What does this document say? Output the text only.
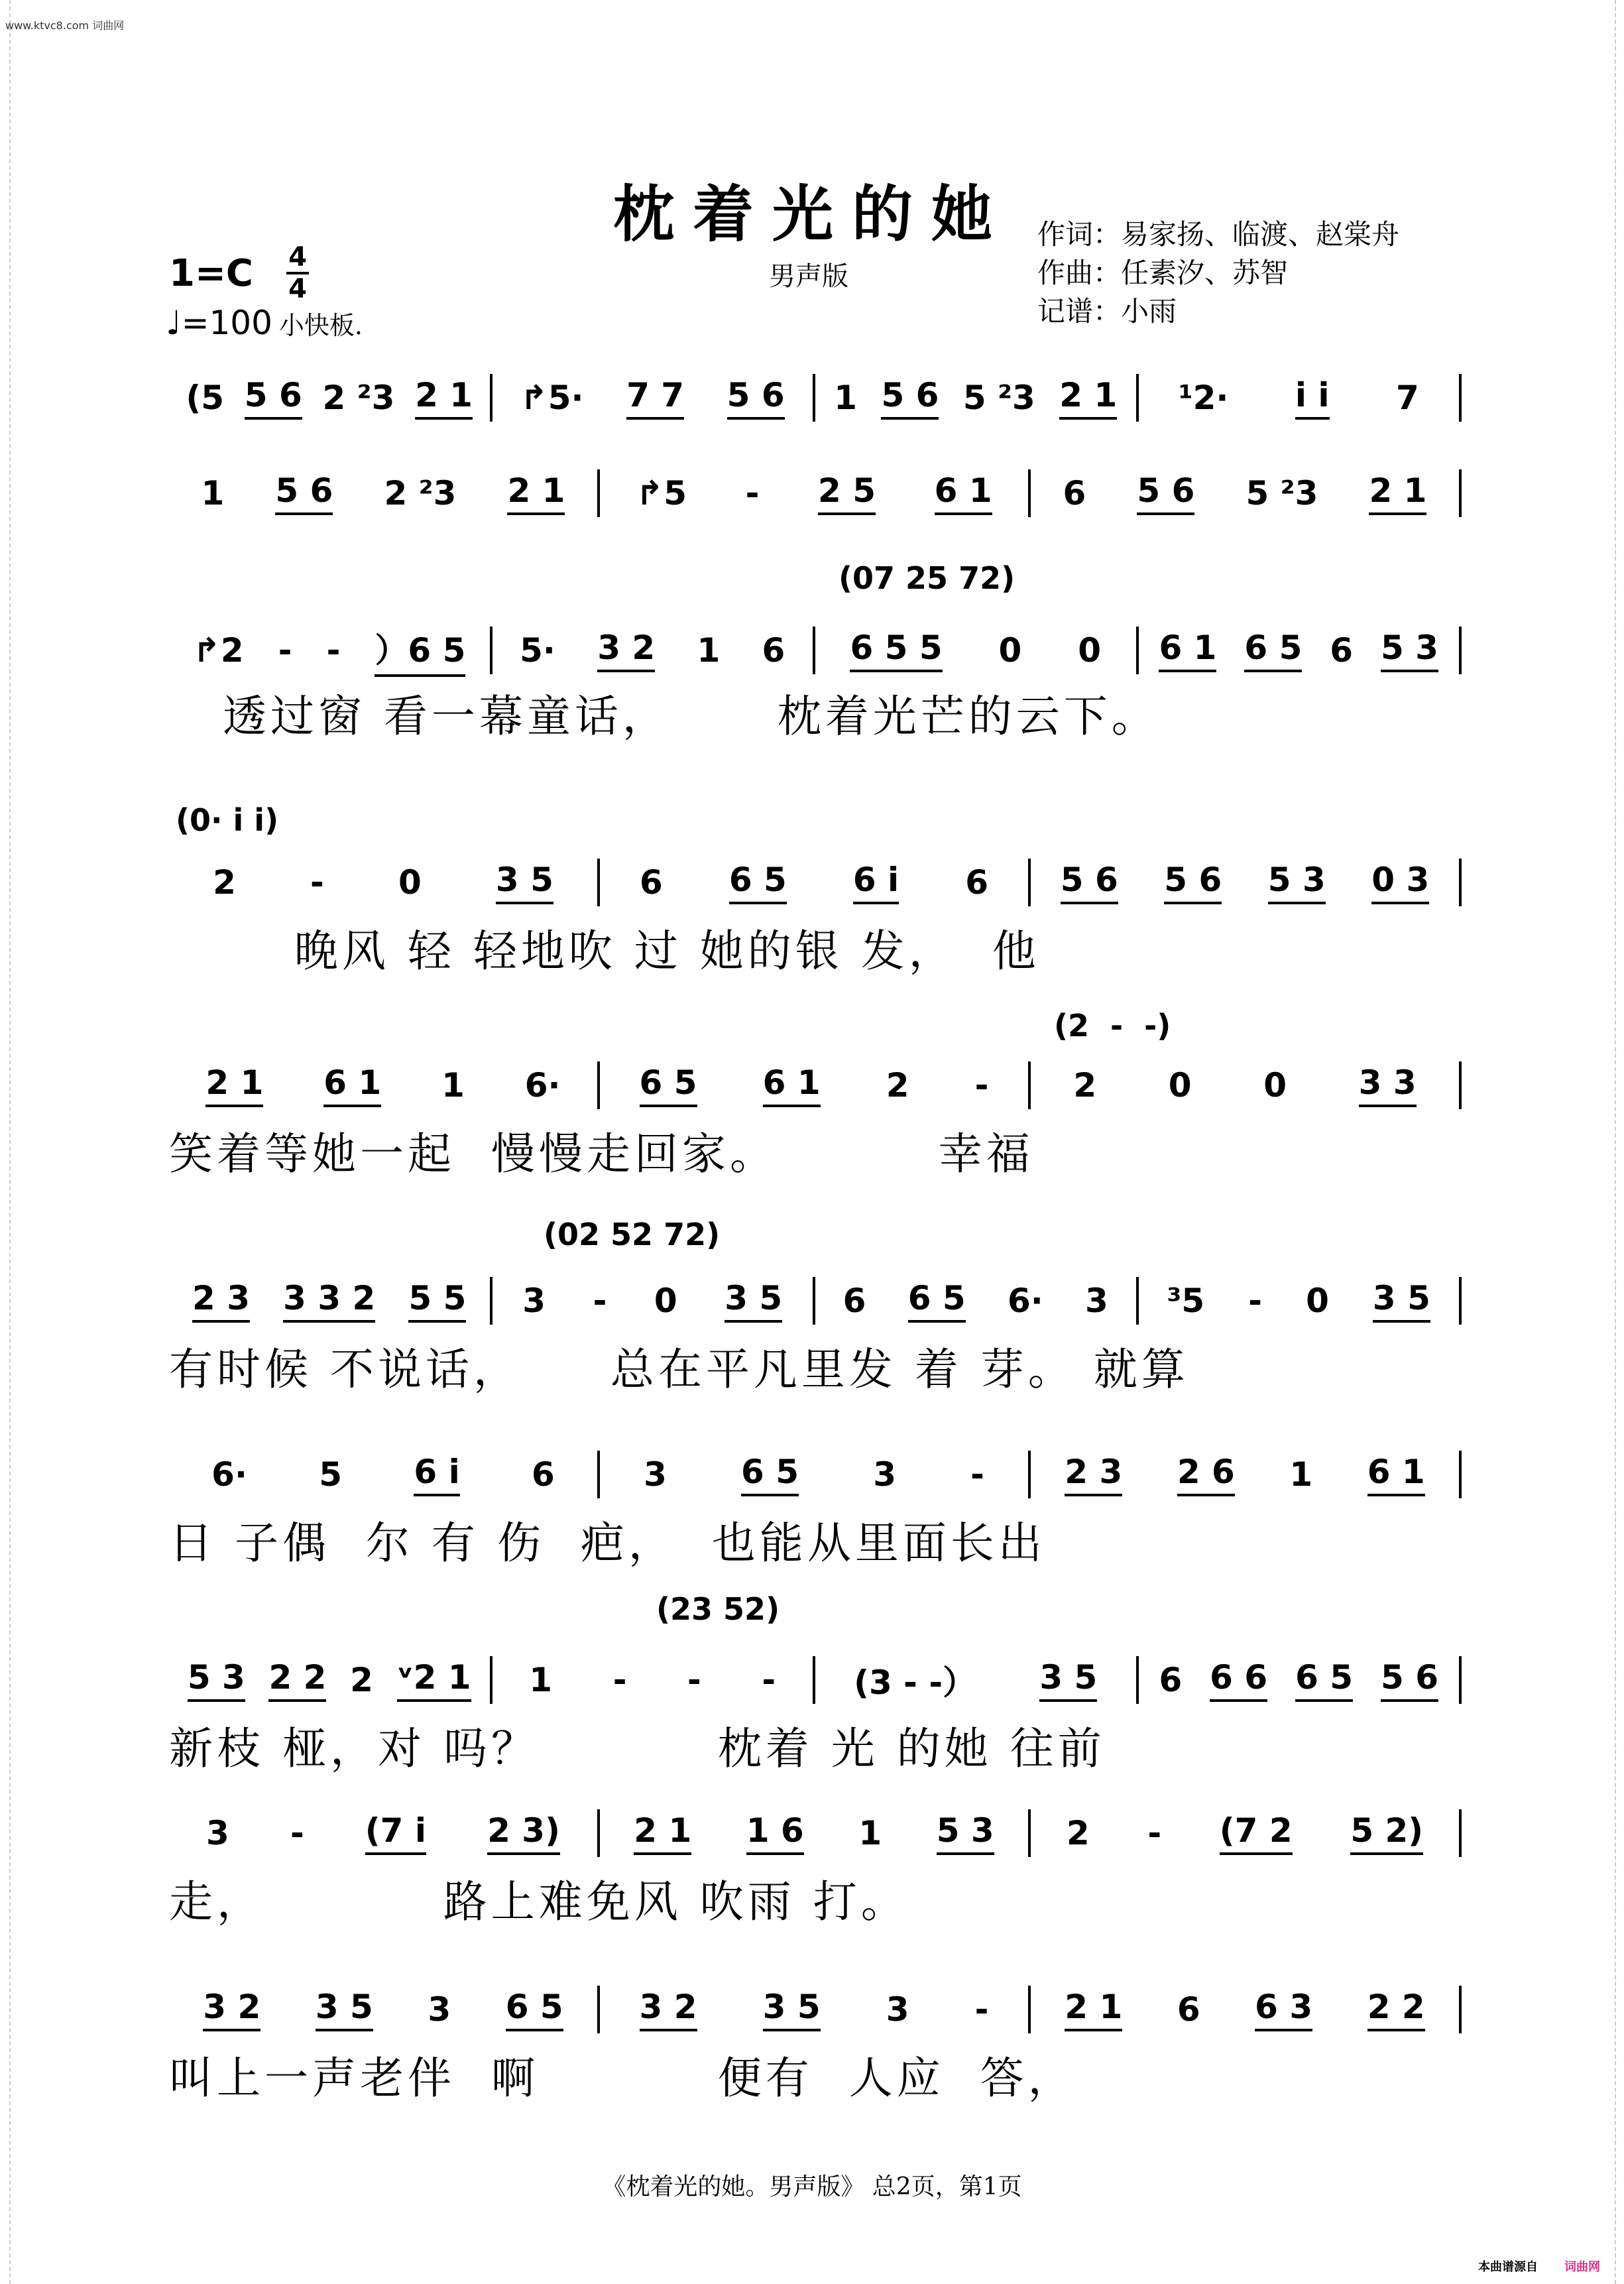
www.ktvc8.com 词曲网
枕着光的她
男声版
作词：易家扬、临渡、赵棠舟
作曲：任素汐、苏智
记谱：小雨
1=C 4
4
♩=100 小快板.
(5 5 6 2 ²3 2 1 ↱5· 7 7 5 6 1 5 6 5 ²3 2 1 ¹2· i i 7
1 5 6 2 ²3 2 1 ↱5 - 2 5 6 1 6 5 6 5 ²3 2 1
↱2 - - ）6 5 5· 3 2 1 6 6 5 5 0 0 6 1 6 5 6 5 3
(07 25 72)
透过窗 看一幕童话，      枕着光芒的云下。
2 - 0 3 5	6 6 5 6 i 6 5 6 5 6 5 3 0 3
(0· i i)
晚风 轻 轻地吹 过 她的银 发，  他
2 1 6 1 1 6· 6 5 6 1 2 -	2 0 0 3 3
(2  -  -)
笑着等她一起  慢慢走回家。         幸福
2 3 3 3 2 5 5 3 - 0 3 5 6 6 5 6· 3 ³5 - 0 3 5
(02 52 72)
有时候 不说话，     总在平凡里发 着 芽。 就算
6· 5 6 i 6	3 6 5 3 - 2 3 2 6 1 6 1
日 子偶  尔 有 伤  疤，  也能从里面长出
5 3 2 2 2 ᵛ2 1 1 - - - (3 - -） 3 5 6 6 6 6 5 5 6
(23 52)
新枝 桠，对 吗？          枕着 光 的她 往前
3 - (7 i 2 3) 2 1 1 6 1 5 3 2 - (7 2 5 2)
走，          路上难免风 吹雨 打。
3 2 3 5 3 6 5 3 2 3 5 3 - 2 1 6 6 3 2 2
叫上一声老伴  啊          便有  人应  答，
《枕着光的她。男声版》 总2页，第1页
本曲谱源自 词曲网
